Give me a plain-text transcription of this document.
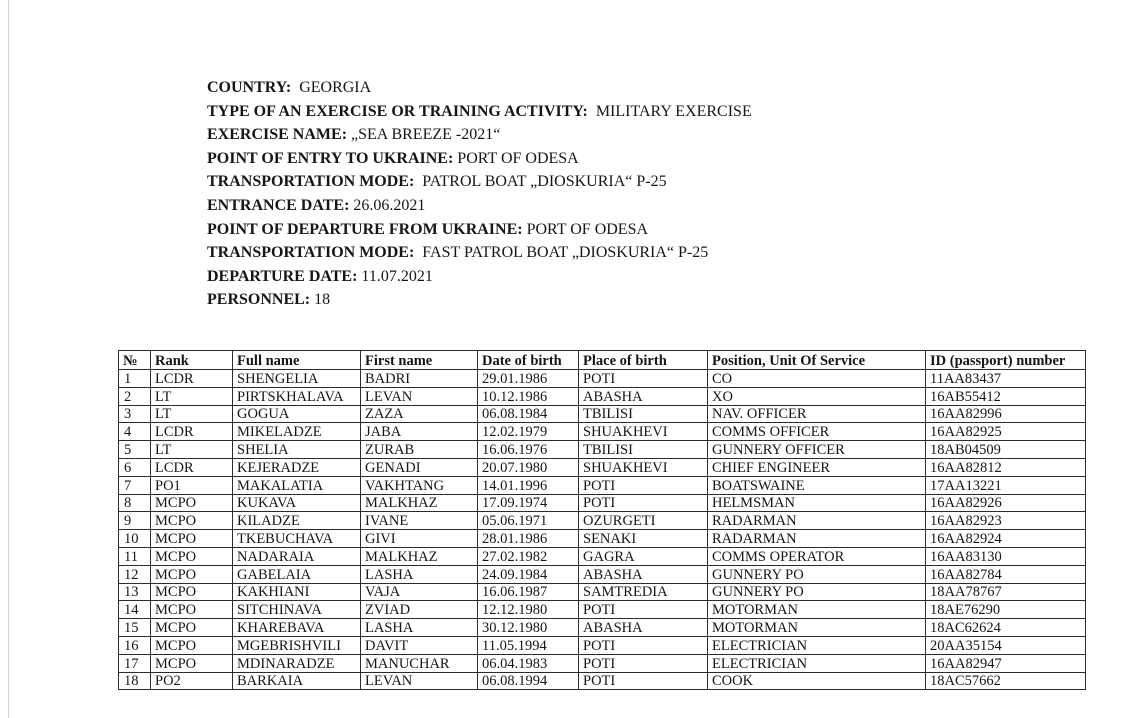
COUNTRY:  GEORGIA
TYPE OF AN EXERCISE OR TRAINING ACTIVITY:  MILITARY EXERCISE
EXERCISE NAME: „SEA BREEZE -2021“
POINT OF ENTRY TO UKRAINE: PORT OF ODESA
TRANSPORTATION MODE:  PATROL BOAT „DIOSKURIA“ P-25
ENTRANCE DATE: 26.06.2021
POINT OF DEPARTURE FROM UKRAINE: PORT OF ODESA
TRANSPORTATION MODE:  FAST PATROL BOAT „DIOSKURIA“ P-25
DEPARTURE DATE: 11.07.2021
PERSONNEL: 18
№	Rank	Full name	First name	Date of birth	Place of birth	Position, Unit Of Service	ID (passport) number
1	LCDR	SHENGELIA	BADRI	29.01.1986	POTI	CO	11AA83437
2	LT	PIRTSKHALAVA	LEVAN	10.12.1986	ABASHA	XO	16AB55412
3	LT	GOGUA	ZAZA	06.08.1984	TBILISI	NAV. OFFICER	16AA82996
4	LCDR	MIKELADZE	JABA	12.02.1979	SHUAKHEVI	COMMS OFFICER	16AA82925
5	LT	SHELIA	ZURAB	16.06.1976	TBILISI	GUNNERY OFFICER	18AB04509
6	LCDR	KEJERADZE	GENADI	20.07.1980	SHUAKHEVI	CHIEF ENGINEER	16AA82812
7	PO1	MAKALATIA	VAKHTANG	14.01.1996	POTI	BOATSWAINE	17AA13221
8	MCPO	KUKAVA	MALKHAZ	17.09.1974	POTI	HELMSMAN	16AA82926
9	MCPO	KILADZE	IVANE	05.06.1971	OZURGETI	RADARMAN	16AA82923
10	MCPO	TKEBUCHAVA	GIVI	28.01.1986	SENAKI	RADARMAN	16AA82924
11	MCPO	NADARAIA	MALKHAZ	27.02.1982	GAGRA	COMMS OPERATOR	16AA83130
12	MCPO	GABELAIA	LASHA	24.09.1984	ABASHA	GUNNERY PO	16AA82784
13	MCPO	KAKHIANI	VAJA	16.06.1987	SAMTREDIA	GUNNERY PO	18AA78767
14	MCPO	SITCHINAVA	ZVIAD	12.12.1980	POTI	MOTORMAN	18AE76290
15	MCPO	KHAREBAVA	LASHA	30.12.1980	ABASHA	MOTORMAN	18AC62624
16	MCPO	MGEBRISHVILI	DAVIT	11.05.1994	POTI	ELECTRICIAN	20AA35154
17	MCPO	MDINARADZE	MANUCHAR	06.04.1983	POTI	ELECTRICIAN	16AA82947
18	PO2	BARKAIA	LEVAN	06.08.1994	POTI	COOK	18AC57662
